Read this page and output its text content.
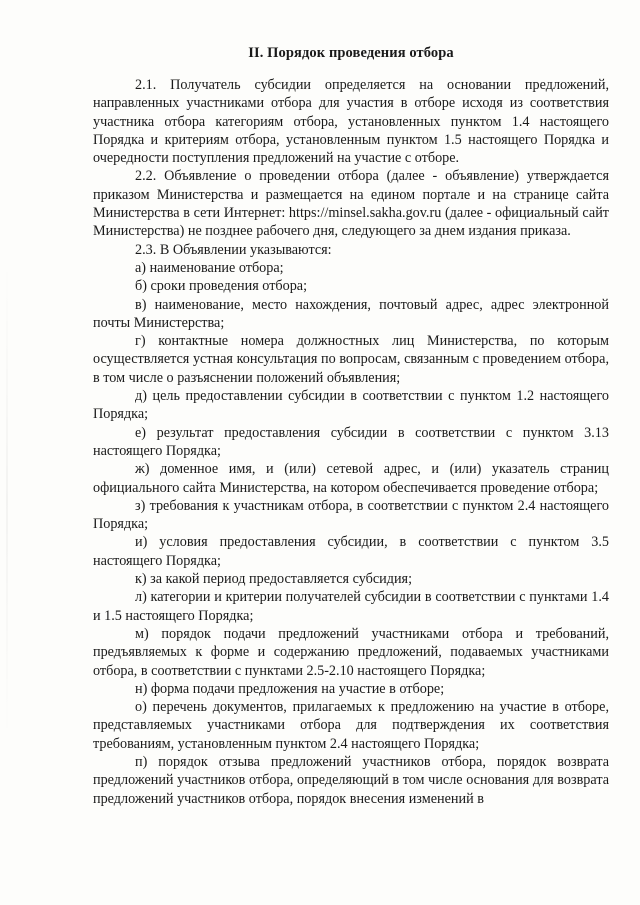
II. Порядок проведения отбора

2.1. Получатель субсидии определяется на основании предложений, направленных участниками отбора для участия в отборе исходя из соответствия участника отбора категориям отбора, установленных пунктом 1.4 настоящего Порядка и критериям отбора, установленным пунктом 1.5 настоящего Порядка и очередности поступления предложений на участие с отборе.

2.2. Объявление о проведении отбора (далее - объявление) утверждается приказом Министерства и размещается на едином портале и на странице сайта Министерства в сети Интернет: https://minsel.sakha.gov.ru (далее - официальный сайт Министерства) не позднее рабочего дня, следующего за днем издания приказа.

2.3. В Объявлении указываются:

а) наименование отбора;

б) сроки проведения отбора;

в) наименование, место нахождения, почтовый адрес, адрес электронной почты Министерства;

г) контактные номера должностных лиц Министерства, по которым осуществляется устная консультация по вопросам, связанным с проведением отбора, в том числе о разъяснении положений объявления;

д) цель предоставлении субсидии в соответствии с пунктом 1.2 настоящего Порядка;

е) результат предоставления субсидии в соответствии с пунктом 3.13 настоящего Порядка;

ж) доменное имя, и (или) сетевой адрес, и (или) указатель страниц официального сайта Министерства, на котором обеспечивается проведение отбора;

з) требования к участникам отбора, в соответствии с пунктом 2.4 настоящего Порядка;

и) условия предоставления субсидии, в соответствии с пунктом 3.5 настоящего Порядка;

к) за какой период предоставляется субсидия;

л) категории и критерии получателей субсидии в соответствии с пунктами 1.4 и 1.5 настоящего Порядка;

м) порядок подачи предложений участниками отбора и требований, предъявляемых к форме и содержанию предложений, подаваемых участниками отбора, в соответствии с пунктами 2.5-2.10 настоящего Порядка;

н) форма подачи предложения на участие в отборе;

о) перечень документов, прилагаемых к предложению на участие в отборе, представляемых участниками отбора для подтверждения их соответствия требованиям, установленным пунктом 2.4 настоящего Порядка;

п) порядок отзыва предложений участников отбора, порядок возврата предложений участников отбора, определяющий в том числе основания для возврата предложений участников отбора, порядок внесения изменений в
